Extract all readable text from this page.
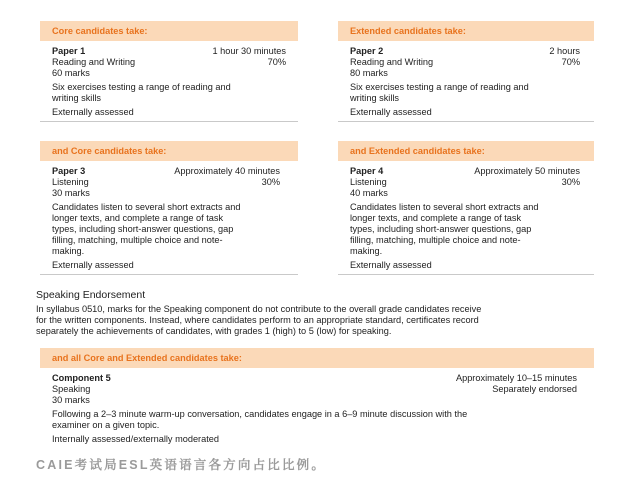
Core candidates take:
Paper 1	1 hour 30 minutes
Reading and Writing	70%
60 marks
Six exercises testing a range of reading and
writing skills
Externally assessed
Extended candidates take:
Paper 2	2 hours
Reading and Writing	70%
80 marks
Six exercises testing a range of reading and
writing skills
Externally assessed
and Core candidates take:
Paper 3	Approximately 40 minutes
Listening	30%
30 marks
Candidates listen to several short extracts and
longer texts, and complete a range of task
types, including short-answer questions, gap
filling, matching, multiple choice and note-
making.
Externally assessed
and Extended candidates take:
Paper 4	Approximately 50 minutes
Listening	30%
40 marks
Candidates listen to several short extracts and
longer texts, and complete a range of task
types, including short-answer questions, gap
filling, matching, multiple choice and note-
making.
Externally assessed
Speaking Endorsement
In syllabus 0510, marks for the Speaking component do not contribute to the overall grade candidates receive
for the written components. Instead, where candidates perform to an appropriate standard, certificates record
separately the achievements of candidates, with grades 1 (high) to 5 (low) for speaking.
and all Core and Extended candidates take:
Component 5	Approximately 10–15 minutes
Speaking	Separately endorsed
30 marks
Following a 2–3 minute warm-up conversation, candidates engage in a 6–9 minute discussion with the
examiner on a given topic.
Internally assessed/externally moderated
CAIE考试局ESL英语语言各方向占比比例。
